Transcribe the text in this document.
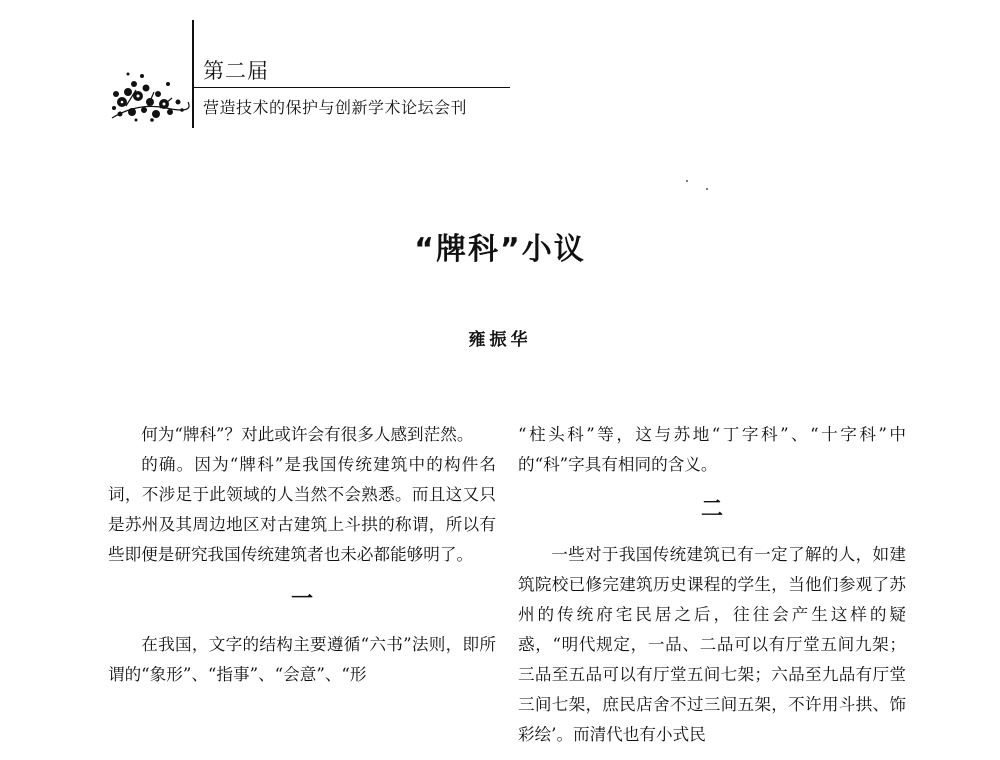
第二届
营造技术的保护与创新学术论坛会刊
“牌科”小议
雍振华

何为“牌科”？对此或许会有很多人感到茫然。

的确。因为“牌科”是我国传统建筑中的构件名词，不涉足于此领域的人当然不会熟悉。而且这又只是苏州及其周边地区对古建筑上斗拱的称谓，所以有些即便是研究我国传统建筑者也未必都能够明了。

一

在我国，文字的结构主要遵循“六书”法则，即所谓的“象形”、“指事”、“会意”、“形

“柱头科”等，这与苏地“丁字科”、“十字科”中的“科”字具有相同的含义。

二

一些对于我国传统建筑已有一定了解的人，如建筑院校已修完建筑历史课程的学生，当他们参观了苏州的传统府宅民居之后，往往会产生这样的疑惑，“明代规定，一品、二品可以有厅堂五间九架；三品至五品可以有厅堂五间七架；六品至九品有厅堂三间七架，庶民店舍不过三间五架，不许用斗拱、饰彩绘’。而清代也有小式民
